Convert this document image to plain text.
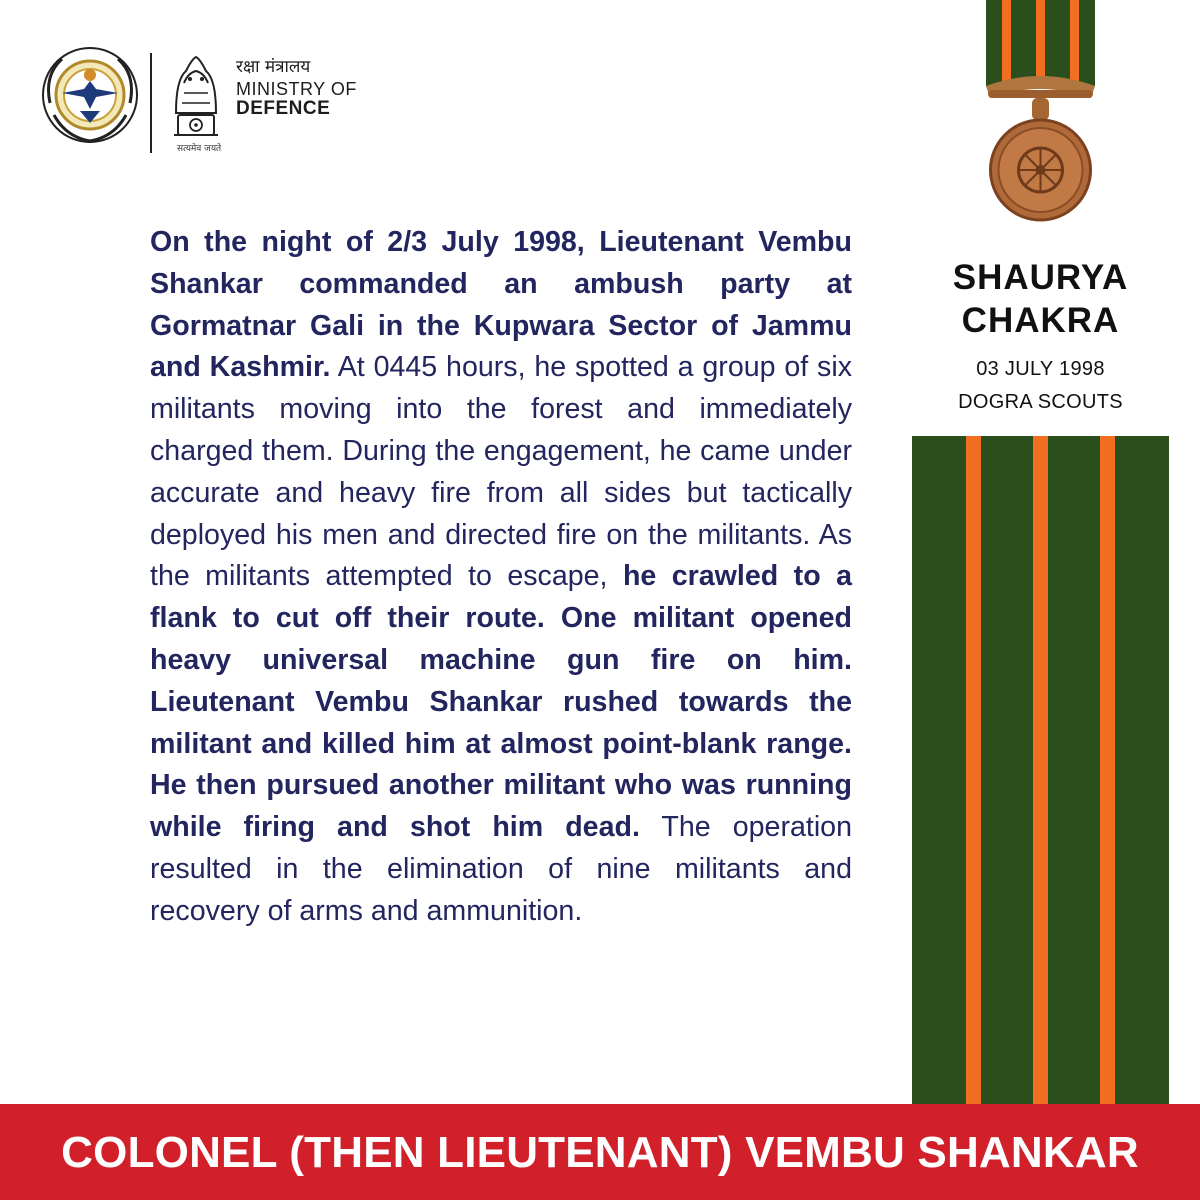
रक्षा मंत्रालय
MINISTRY OF
DEFENCE
सत्यमेव जयते

On the night of 2/3 July 1998, Lieutenant Vembu Shankar commanded an ambush party at Gormatnar Gali in the Kupwara Sector of Jammu and Kashmir. At 0445 hours, he spotted a group of six militants moving into the forest and immediately charged them. During the engagement, he came under accurate and heavy fire from all sides but tactically deployed his men and directed fire on the militants. As the militants attempted to escape, he crawled to a flank to cut off their route. One militant opened heavy universal machine gun fire on him. Lieutenant Vembu Shankar rushed towards the militant and killed him at almost point-blank range. He then pursued another militant who was running while firing and shot him dead. The operation resulted in the elimination of nine militants and recovery of arms and ammunition.

SHAURYA
CHAKRA
03 JULY 1998
DOGRA SCOUTS
COLONEL (THEN LIEUTENANT) VEMBU SHANKAR
